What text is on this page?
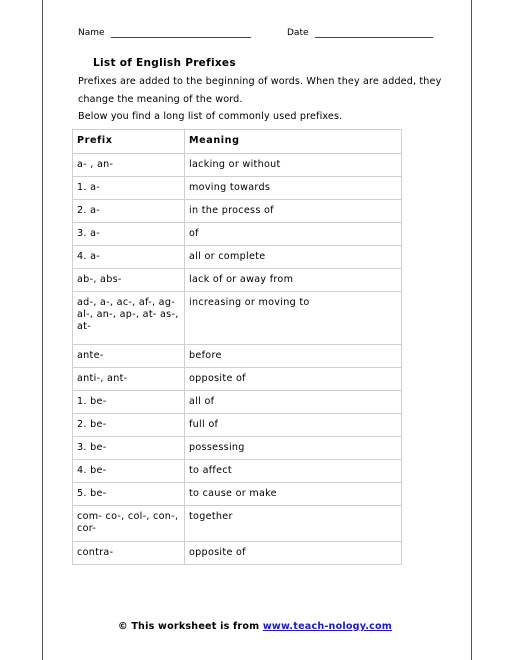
Name	Date
List of English Prefixes
Prefixes are added to the beginning of words. When they are added, they
change the meaning of the word.
Below you find a long list of commonly used prefixes.
Prefix	Meaning
a- , an-	lacking or without
1. a-	moving towards
2. a-	in the process of
3. a-	of
4. a-	all or complete
ab-, abs-	lack of or away from
ad-, a-, ac-, af-, ag- al-, an-, ap-, at- as-, at-	increasing or moving to
ante-	before
anti-, ant-	opposite of
1. be-	all of
2. be-	full of
3. be-	possessing
4. be-	to affect
5. be-	to cause or make
com- co-, col-, con-, cor-	together
contra-	opposite of
© This worksheet is from www.teach-nology.com
